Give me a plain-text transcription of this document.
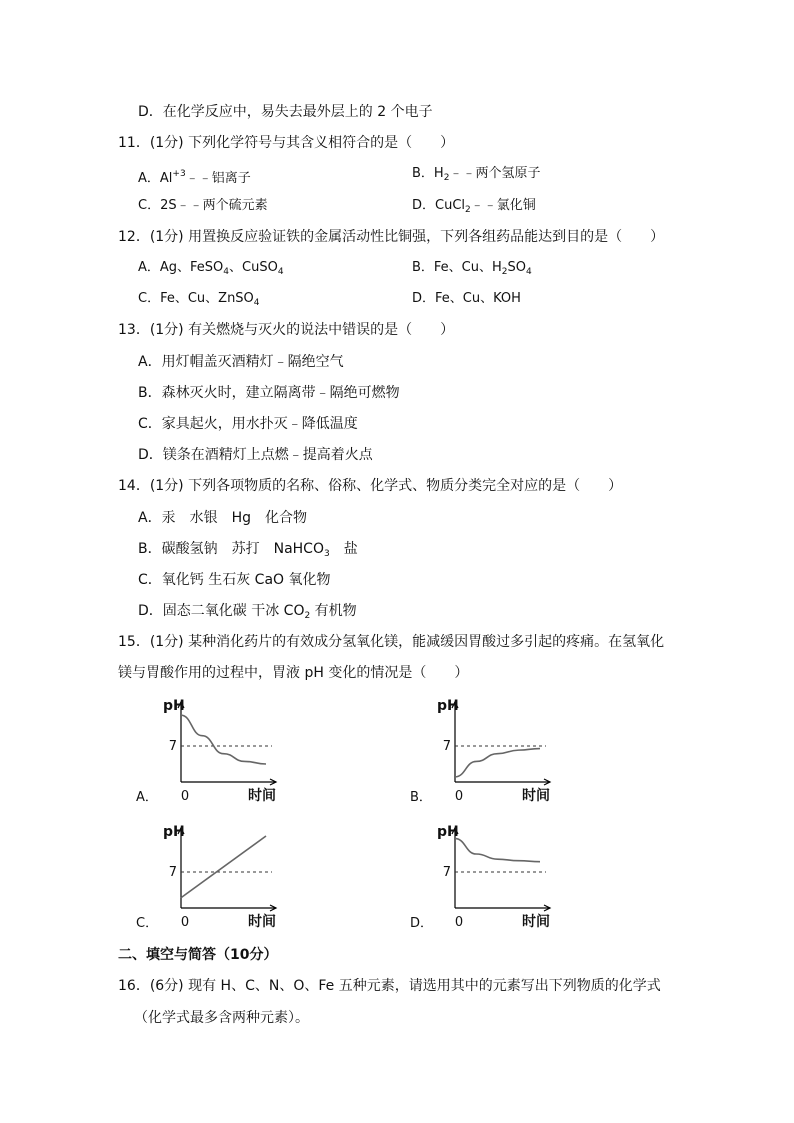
D．在化学反应中，易失去最外层上的 2 个电子
11．(1分) 下列化学符号与其含义相符合的是（　　）
A．$Al^{+3}﹣﹣$铝离子	B．$H_2﹣﹣$两个氢原子
C．2S﹣﹣两个硫元素	D．CuCl$_2$﹣﹣氯化铜
12．(1分) 用置换反应验证铁的金属活动性比铜强，下列各组药品能达到目的是（　　）
A．Ag、FeSO$_4$、CuSO$_4$	B．Fe、Cu、$H_2SO_4$
C．Fe、Cu、ZnSO$_4$	D．Fe、Cu、KOH
13．(1分) 有关燃烧与灭火的说法中错误的是（　　）
A．用灯帽盖灭酒精灯﹣隔绝空气
B．森林灭火时，建立隔离带﹣隔绝可燃物
C．家具起火，用水扑灭﹣降低温度
D．镁条在酒精灯上点燃﹣提高着火点
14．(1分) 下列各项物质的名称、俗称、化学式、物质分类完全对应的是（　　）
A．汞　水银　Hg　化合物
B．碳酸氢钠　苏打　NaHCO$_3$　盐
C．氧化钙 生石灰 CaO 氧化物
D．固态二氧化碳 干冰 $CO_2$ 有机物
15．(1分) 某种消化药片的有效成分氢氧化镁，能减缓因胃酸过多引起的疼痛。在氢氧化
镁与胃酸作用的过程中，胃液 pH 变化的情况是（　　）
7
pH
0	时间
A．
7
pH
0	时间
B．
7
pH
0	时间
C．
7
pH
0	时间
D．
二、填空与简答（10分）
16．(6分) 现有 H、C、N、O、Fe 五种元素，请选用其中的元素写出下列物质的化学式
（化学式最多含两种元素）。
